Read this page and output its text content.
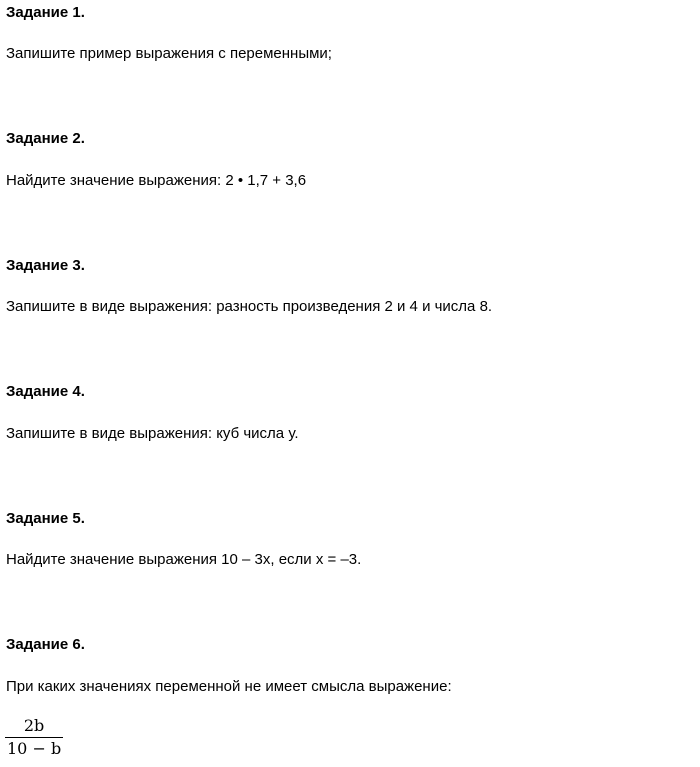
Задание 1.

Запишите пример выражения с переменными;

Задание 2.

Найдите значение выражения: 2 • 1,7 + 3,6

Задание 3.

Запишите в виде выражения: разность произведения 2 и 4 и числа 8.

Задание 4.

Запишите в виде выражения: куб числа у.

Задание 5.

Найдите значение выражения 10 – 3х, если х = –3.

Задание 6.

При каких значениях переменной не имеет смысла выражение:

2b
10 − b
